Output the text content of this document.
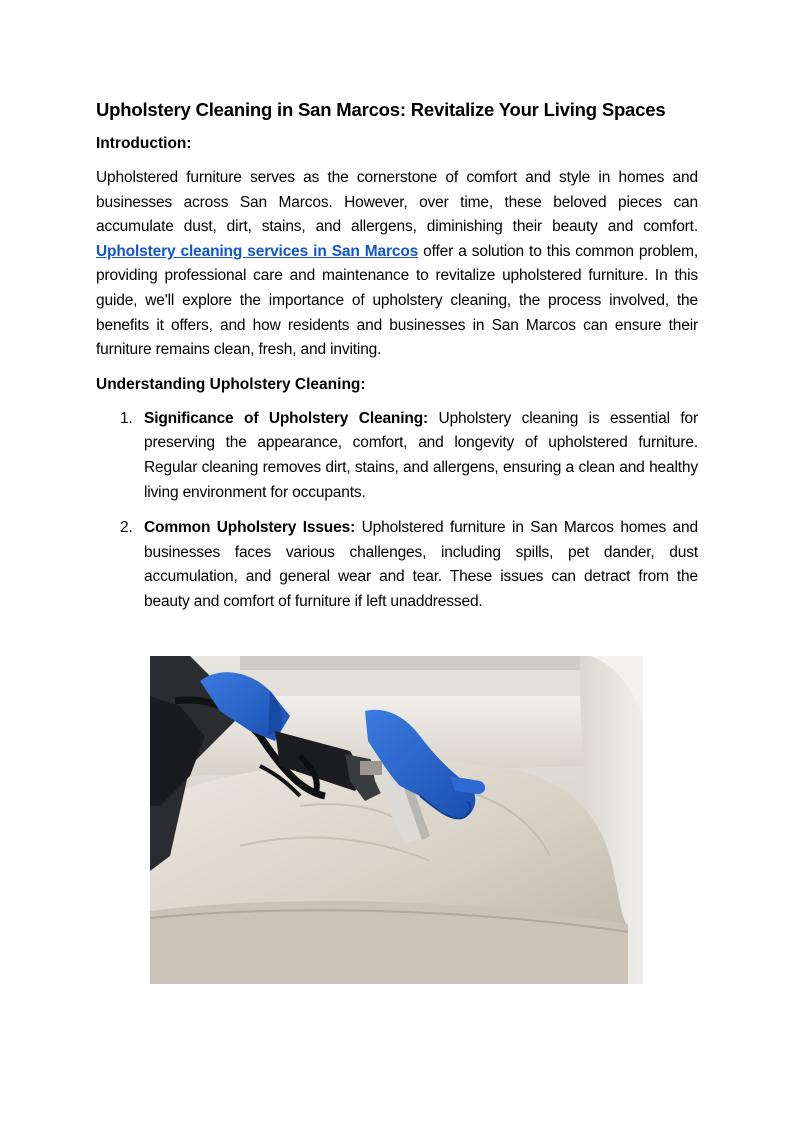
Upholstery Cleaning in San Marcos: Revitalize Your Living Spaces
Introduction:

Upholstered furniture serves as the cornerstone of comfort and style in homes and businesses across San Marcos. However, over time, these beloved pieces can accumulate dust, dirt, stains, and allergens, diminishing their beauty and comfort. Upholstery cleaning services in San Marcos offer a solution to this common problem, providing professional care and maintenance to revitalize upholstered furniture. In this guide, we'll explore the importance of upholstery cleaning, the process involved, the benefits it offers, and how residents and businesses in San Marcos can ensure their furniture remains clean, fresh, and inviting.

Understanding Upholstery Cleaning:
1. Significance of Upholstery Cleaning: Upholstery cleaning is essential for preserving the appearance, comfort, and longevity of upholstered furniture. Regular cleaning removes dirt, stains, and allergens, ensuring a clean and healthy living environment for occupants.
2. Common Upholstery Issues: Upholstered furniture in San Marcos homes and businesses faces various challenges, including spills, pet dander, dust accumulation, and general wear and tear. These issues can detract from the beauty and comfort of furniture if left unaddressed.
